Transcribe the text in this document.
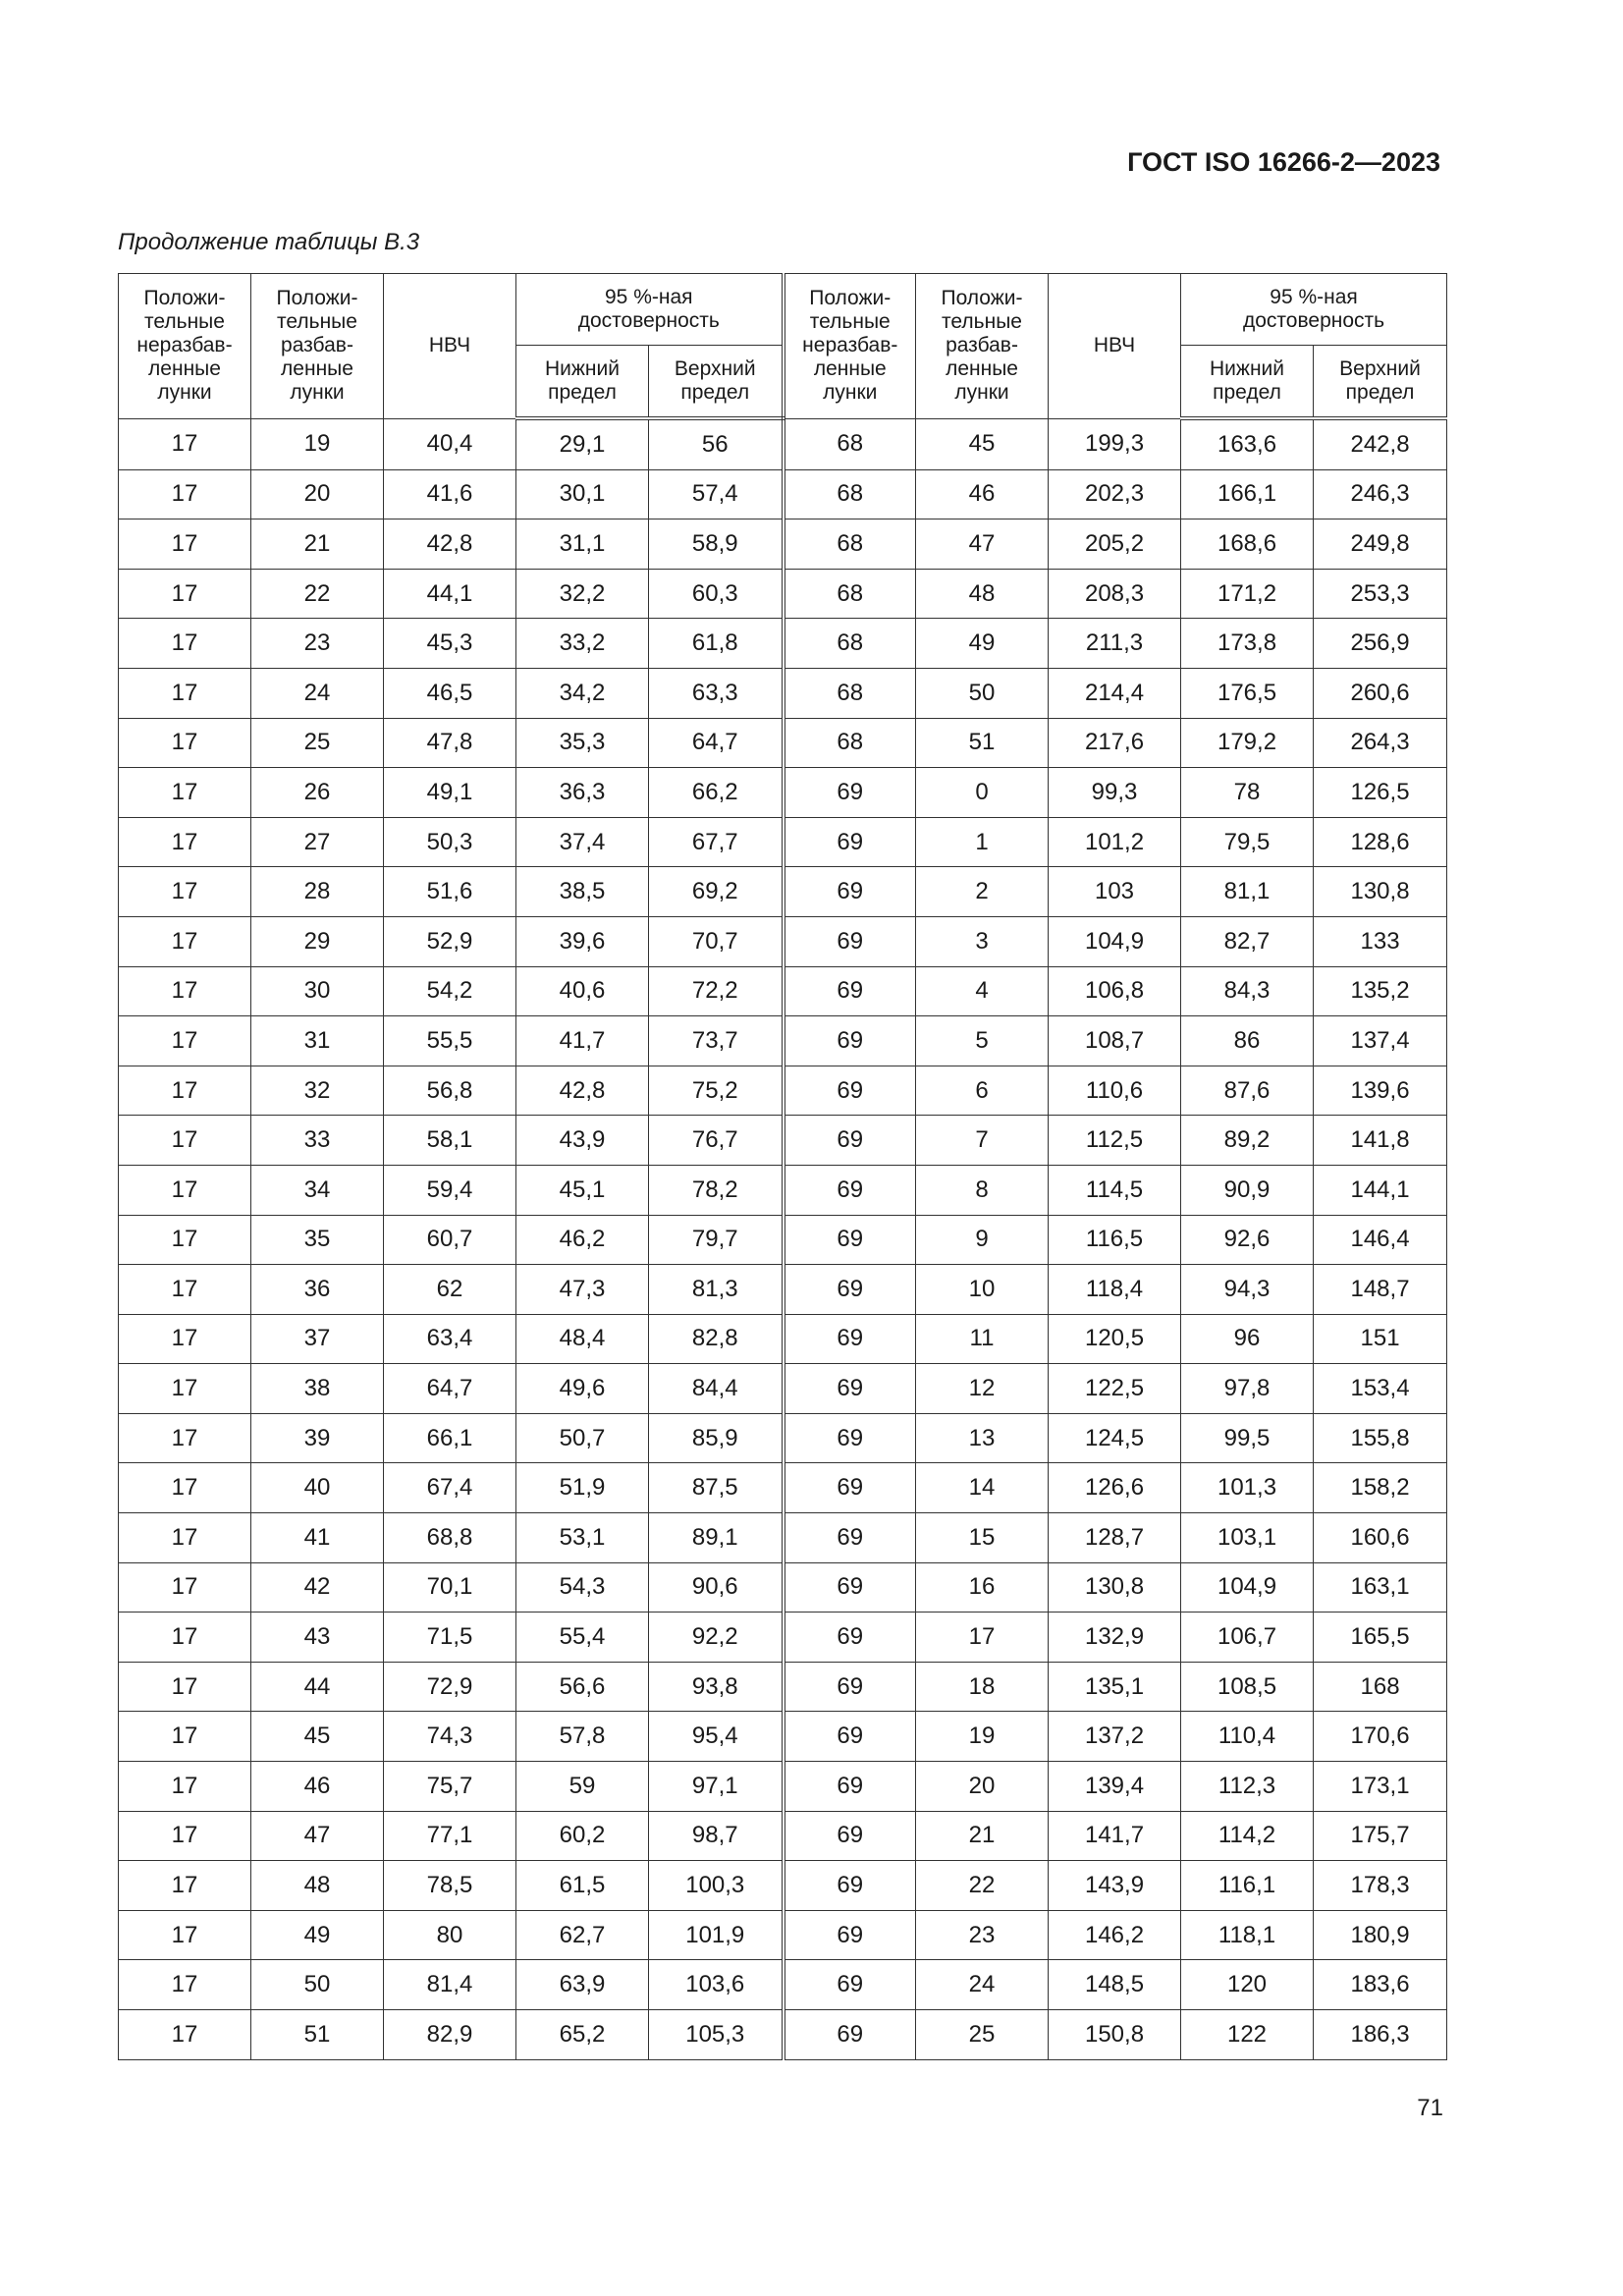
ГОСТ ISO 16266-2—2023
Продолжение таблицы В.3
Положи-
тельные
неразбав-
ленные
лунки	Положи-
тельные
разбав-
ленные
лунки	НВЧ	95 %-ная
достоверность		Положи-
тельные
неразбав-
ленные
лунки	Положи-
тельные
разбав-
ленные
лунки	НВЧ	95 %-ная
достоверность	
			Нижний
предел	Верхний
предел				Нижний
предел	Верхний
предел
17	19	40,4	29,1	56	68	45	199,3	163,6	242,8
17	20	41,6	30,1	57,4	68	46	202,3	166,1	246,3
17	21	42,8	31,1	58,9	68	47	205,2	168,6	249,8
17	22	44,1	32,2	60,3	68	48	208,3	171,2	253,3
17	23	45,3	33,2	61,8	68	49	211,3	173,8	256,9
17	24	46,5	34,2	63,3	68	50	214,4	176,5	260,6
17	25	47,8	35,3	64,7	68	51	217,6	179,2	264,3
17	26	49,1	36,3	66,2	69	0	99,3	78	126,5
17	27	50,3	37,4	67,7	69	1	101,2	79,5	128,6
17	28	51,6	38,5	69,2	69	2	103	81,1	130,8
17	29	52,9	39,6	70,7	69	3	104,9	82,7	133
17	30	54,2	40,6	72,2	69	4	106,8	84,3	135,2
17	31	55,5	41,7	73,7	69	5	108,7	86	137,4
17	32	56,8	42,8	75,2	69	6	110,6	87,6	139,6
17	33	58,1	43,9	76,7	69	7	112,5	89,2	141,8
17	34	59,4	45,1	78,2	69	8	114,5	90,9	144,1
17	35	60,7	46,2	79,7	69	9	116,5	92,6	146,4
17	36	62	47,3	81,3	69	10	118,4	94,3	148,7
17	37	63,4	48,4	82,8	69	11	120,5	96	151
17	38	64,7	49,6	84,4	69	12	122,5	97,8	153,4
17	39	66,1	50,7	85,9	69	13	124,5	99,5	155,8
17	40	67,4	51,9	87,5	69	14	126,6	101,3	158,2
17	41	68,8	53,1	89,1	69	15	128,7	103,1	160,6
17	42	70,1	54,3	90,6	69	16	130,8	104,9	163,1
17	43	71,5	55,4	92,2	69	17	132,9	106,7	165,5
17	44	72,9	56,6	93,8	69	18	135,1	108,5	168
17	45	74,3	57,8	95,4	69	19	137,2	110,4	170,6
17	46	75,7	59	97,1	69	20	139,4	112,3	173,1
17	47	77,1	60,2	98,7	69	21	141,7	114,2	175,7
17	48	78,5	61,5	100,3	69	22	143,9	116,1	178,3
17	49	80	62,7	101,9	69	23	146,2	118,1	180,9
17	50	81,4	63,9	103,6	69	24	148,5	120	183,6
17	51	82,9	65,2	105,3	69	25	150,8	122	186,3
71
